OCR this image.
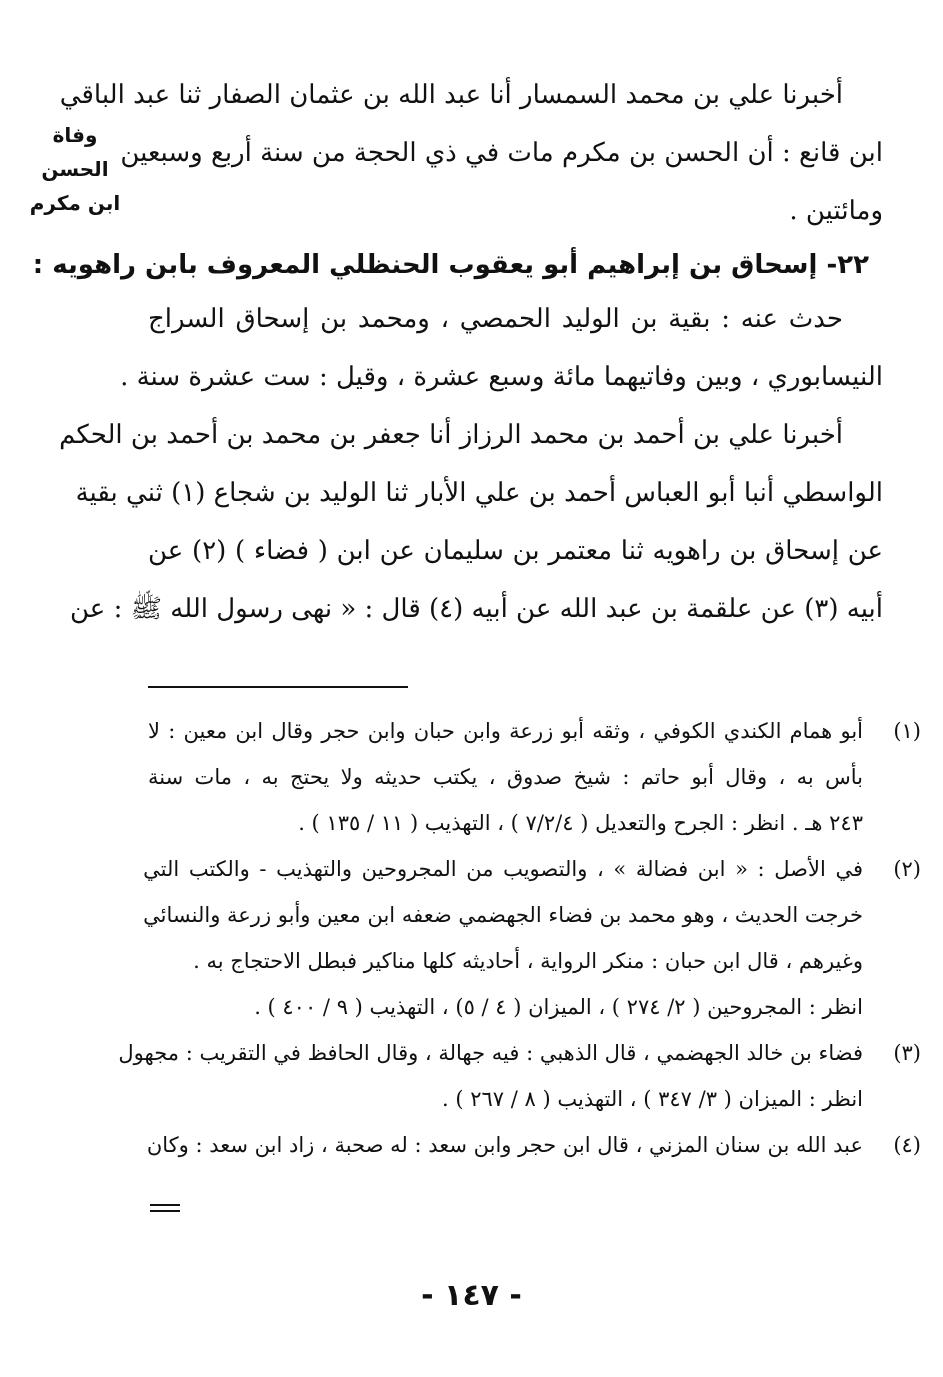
وفاة الحسن
ابن مكرم
أخبرنا علي بن محمد السمسار أنا عبد الله بن عثمان الصفار ثنا عبد الباقي
ابن قانع : أن الحسن بن مكرم مات في ذي الحجة من سنة أربع وسبعين
ومائتين .
٢٢- إسحاق بن إبراهيم أبو يعقوب الحنظلي المعروف بابن راهويه :
حدث عنه : بقية بن الوليد الحمصي ، ومحمد بن إسحاق السراج
النيسابوري ، وبين وفاتيهما مائة وسبع عشرة ، وقيل : ست عشرة سنة .
أخبرنا علي بن أحمد بن محمد الرزاز أنا جعفر بن محمد بن أحمد بن الحكم
الواسطي أنبا أبو العباس أحمد بن علي الأبار ثنا الوليد بن شجاع (١) ثني بقية
عن إسحاق بن راهويه ثنا معتمر بن سليمان عن ابن ( فضاء ) (٢) عن
أبيه (٣) عن علقمة بن عبد الله عن أبيه (٤) قال : « نهى رسول الله ﷺ : عن
(١)
أبو همام الكندي الكوفي ، وثقه أبو زرعة وابن حبان وابن حجر وقال ابن معين : لا
بأس به ، وقال أبو حاتم : شيخ صدوق ، يكتب حديثه ولا يحتج به ، مات سنة
٢٤٣ هـ . انظر : الجرح والتعديل ( ٧/٢/٤ ) ، التهذيب ( ١١ / ١٣٥ ) .
(٢)
في الأصل : « ابن فضالة » ، والتصويب من المجروحين والتهذيب - والكتب التي
خرجت الحديث ، وهو محمد بن فضاء الجهضمي ضعفه ابن معين وأبو زرعة والنسائي
وغيرهم ، قال ابن حبان : منكر الرواية ، أحاديثه كلها مناكير فبطل الاحتجاج به .
انظر : المجروحين ( ٢/ ٢٧٤ ) ، الميزان ( ٤ / ٥) ، التهذيب ( ٩ / ٤٠٠ ) .
(٣)
فضاء بن خالد الجهضمي ، قال الذهبي : فيه جهالة ، وقال الحافظ في التقريب : مجهول
انظر : الميزان ( ٣/ ٣٤٧ ) ، التهذيب ( ٨ / ٢٦٧ ) .
(٤)
عبد الله بن سنان المزني ، قال ابن حجر وابن سعد : له صحبة ، زاد ابن سعد : وكان
- ١٤٧ -
